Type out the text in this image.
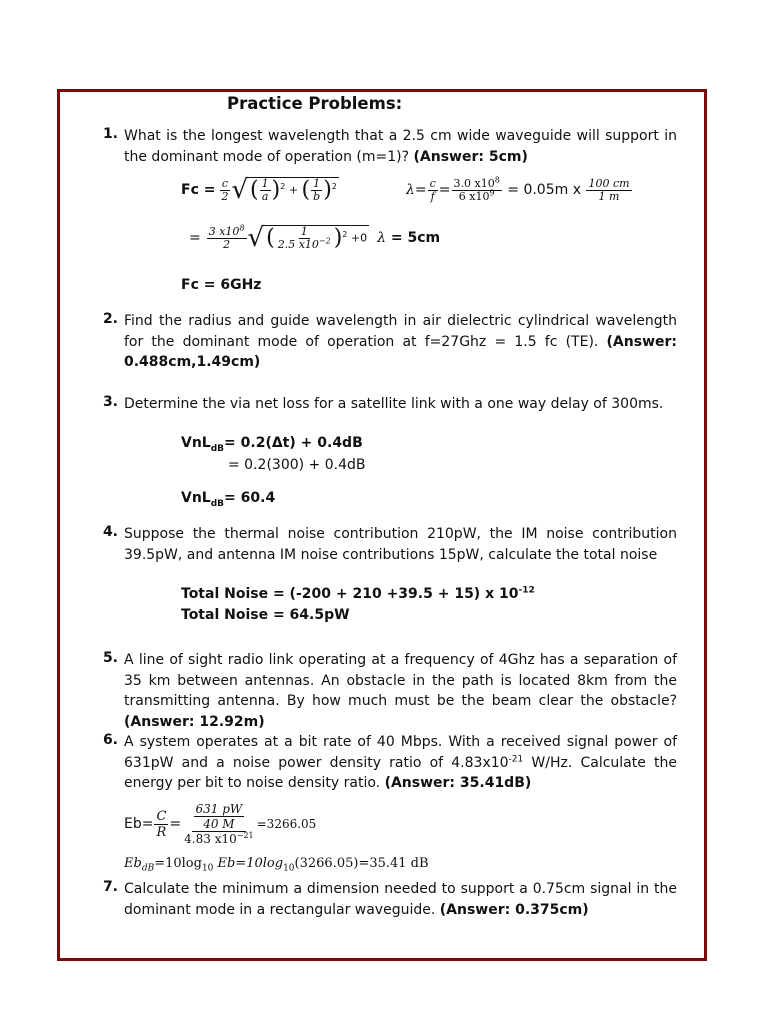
Practice Problems:
1. What is the longest wavelength that a 2.5 cm wide waveguide will support in the dominant mode of operation (m=1)? (Answer: 5cm)
$Fc = \frac{c}{2}$ √ ( $\frac{1}{a} )^2$ + ( $\frac{1}{b} )^2$	$\lambda= \frac{c}{f} = \frac{3.0 x10^8}{6 x10^9} = 0.05m$ x $\frac{100 cm}{1 m}$
= $\frac{3 x10^8}{2}$ √ ( $\frac{1}{2.5 x10^{-2}} )^2 +0$ λ = 5cm
Fc = 6GHz
2. Find the radius and guide wavelength in air dielectric cylindrical wavelength for the dominant mode of operation at f=27Ghz = 1.5 fc (TE). (Answer: 0.488cm,1.49cm)
3. Determine the via net loss for a satellite link with a one way delay of 300ms.
VnL$_{dB}$= 0.2(Δt) + 0.4dB
= 0.2(300) + 0.4dB
VnL$_{dB}$= 60.4
4. Suppose the thermal noise contribution 210pW, the IM noise contribution 39.5pW, and antenna IM noise contributions 15pW, calculate the total noise
Total Noise = (-200 + 210 +39.5 + 15) x $10^{-12}$
Total Noise = 64.5pW
5. A line of sight radio link operating at a frequency of 4Ghz has a separation of 35 km between antennas. An obstacle in the path is located 8km from the transmitting antenna. By how much must be the beam clear the obstacle? (Answer: 12.92m)
6. A system operates at a bit rate of 40 Mbps. With a received signal power of 631pW and a noise power density ratio of $4.83x10^{-21}$ W/Hz. Calculate the energy per bit to noise density ratio. (Answer: 35.41dB)
$Eb= \frac{C}{R} = 631$ pW
40 M
4.83 $x10^{-21} =3266.05$
$Eb_{dB}=10\log_{10}$ $Eb=10\log_{10}(3266.05)=35.41$ dB
7. Calculate the minimum a dimension needed to support a 0.75cm signal in the dominant mode in a rectangular waveguide. (Answer: 0.375cm)
